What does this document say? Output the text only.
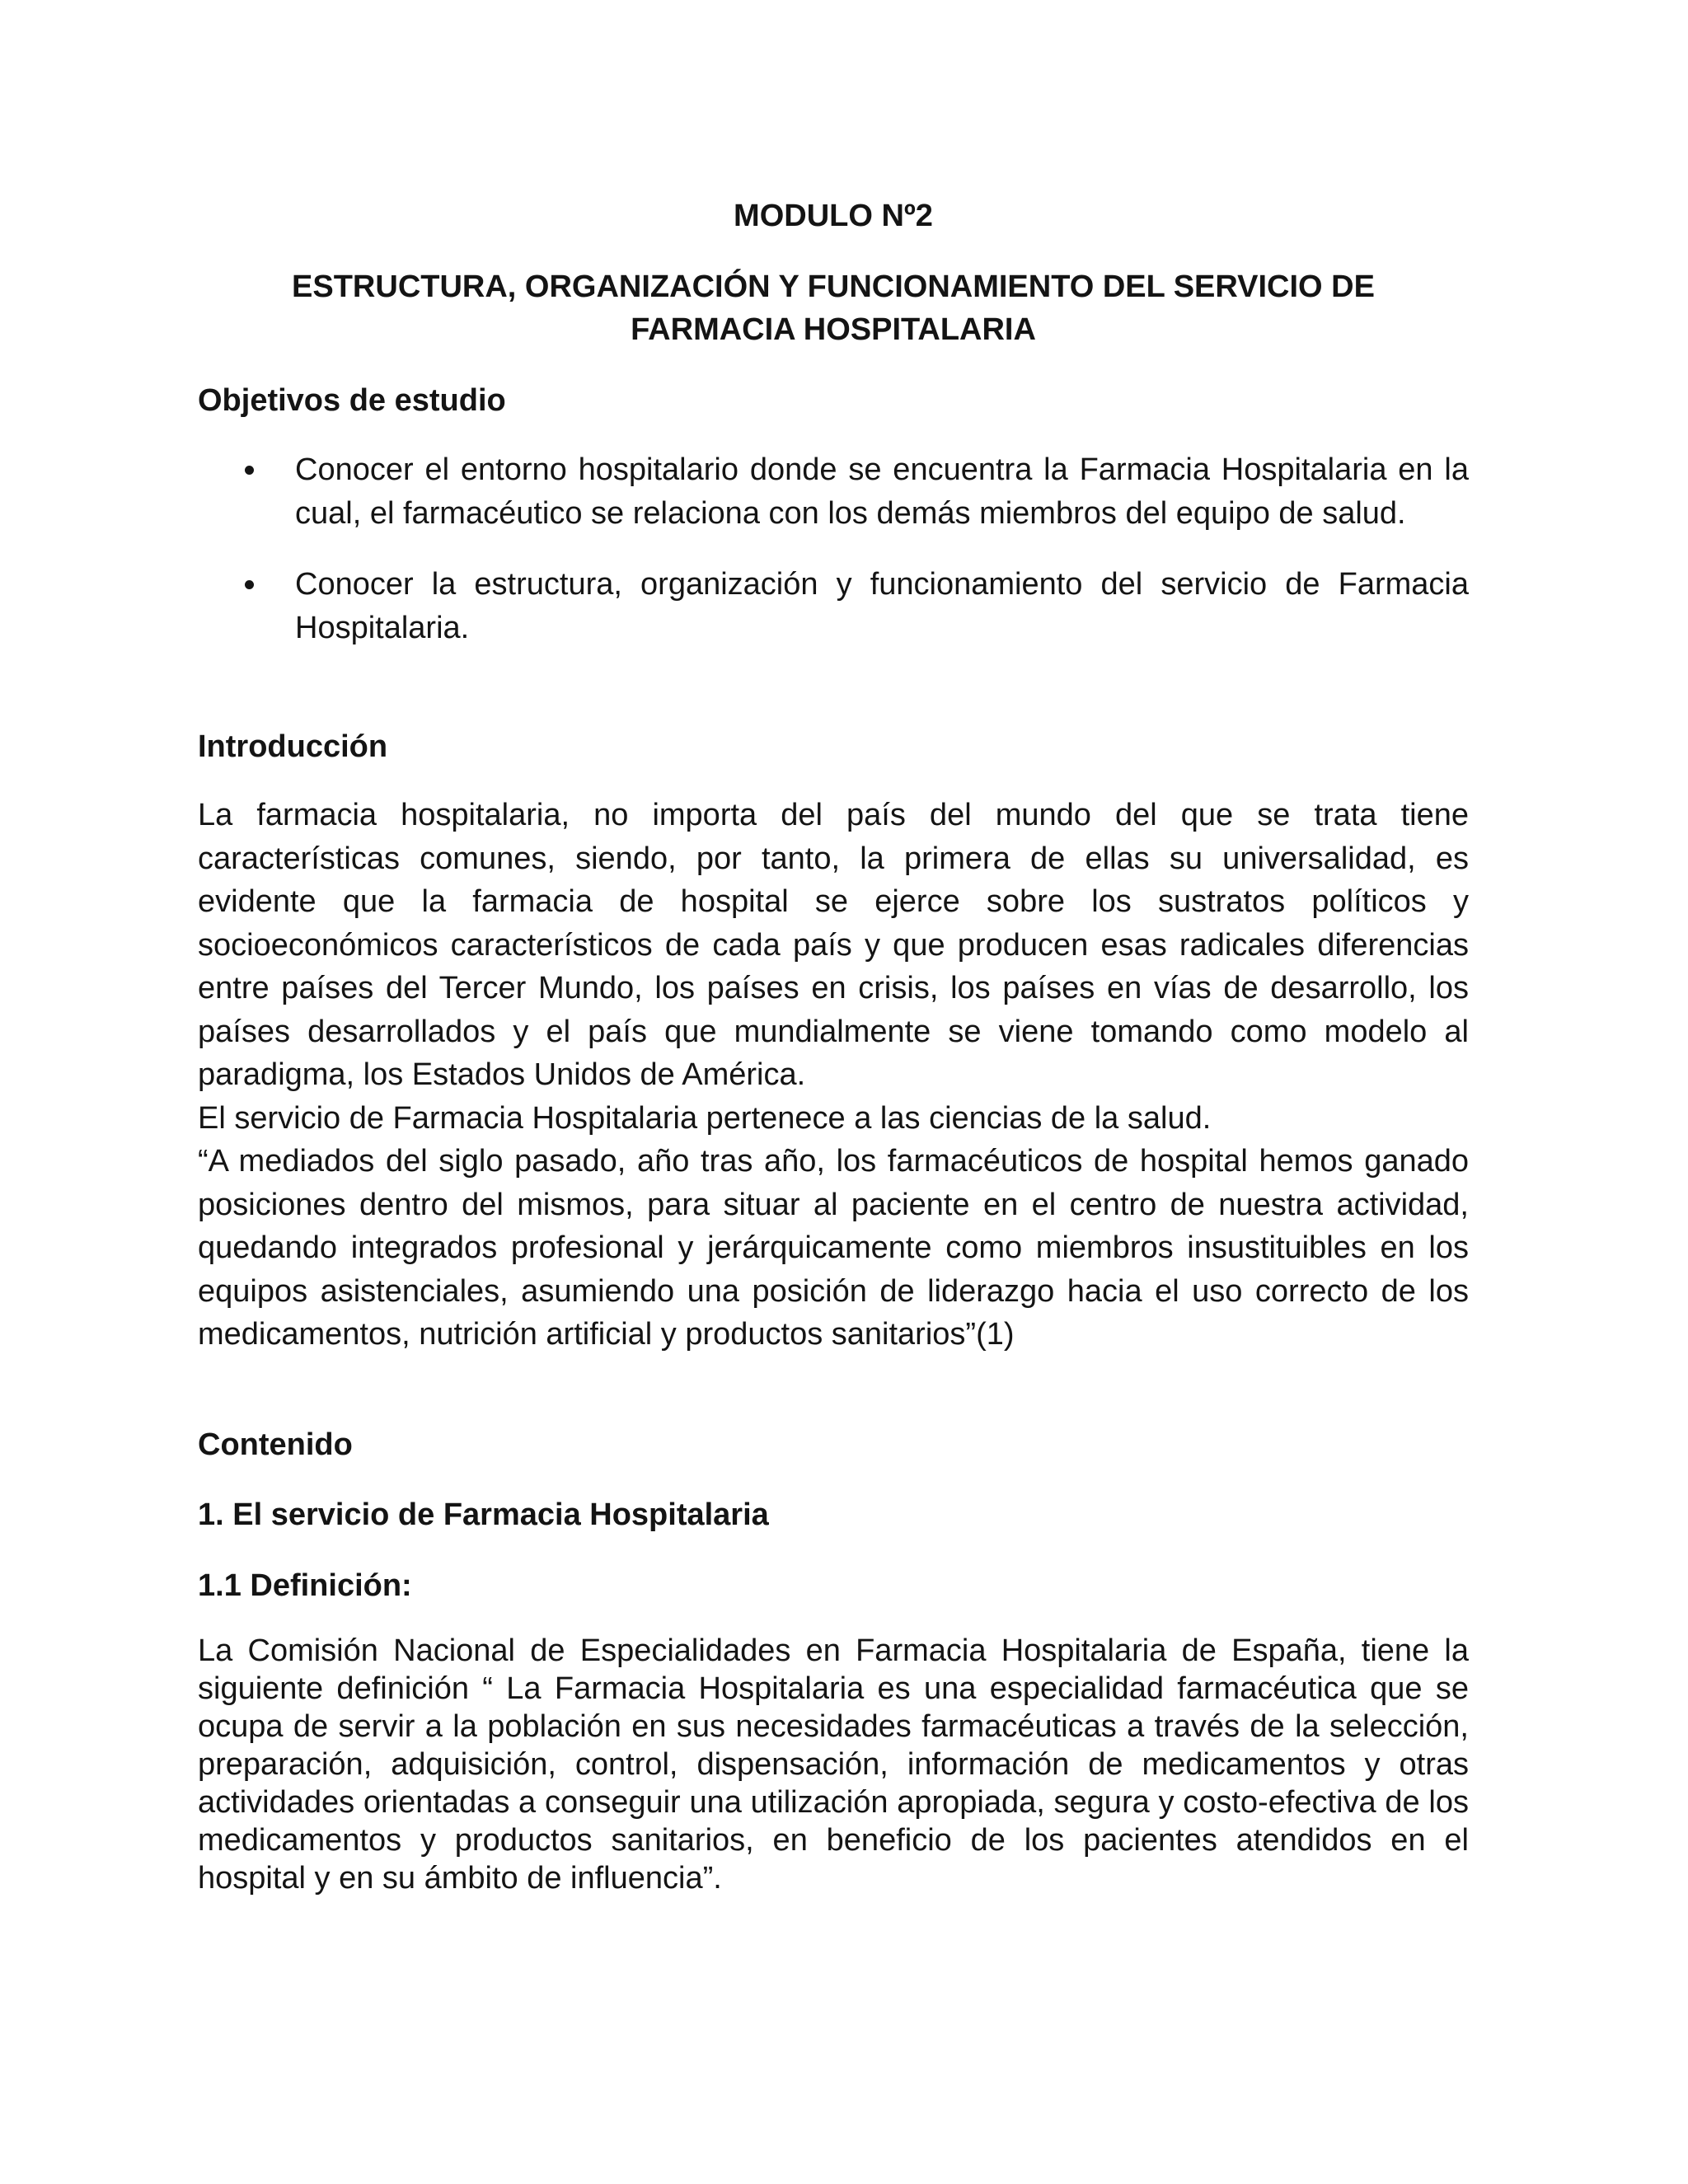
MODULO Nº2

ESTRUCTURA, ORGANIZACIÓN Y FUNCIONAMIENTO DEL SERVICIO DE
FARMACIA HOSPITALARIA

Objetivos de estudio

Conocer el entorno hospitalario donde se encuentra la Farmacia Hospitalaria en la cual, el farmacéutico se relaciona con los demás miembros del equipo de salud.
Conocer la estructura, organización y funcionamiento del servicio de Farmacia Hospitalaria.

Introducción

La farmacia hospitalaria, no importa del país del mundo del que se trata tiene características comunes, siendo, por tanto, la primera de ellas su universalidad, es evidente que la farmacia de hospital se ejerce sobre los sustratos políticos y socioeconómicos característicos de cada país y que producen esas radicales diferencias entre países del Tercer Mundo, los países en crisis, los países en vías de desarrollo, los países desarrollados y el país que mundialmente se viene tomando como modelo al paradigma, los Estados Unidos de América.

El servicio de Farmacia Hospitalaria pertenece a las ciencias de la salud.

“A mediados del siglo pasado, año tras año, los farmacéuticos de hospital hemos ganado posiciones dentro del mismos, para situar al paciente en el centro de nuestra actividad, quedando integrados profesional y jerárquicamente como miembros insustituibles en los equipos asistenciales, asumiendo una posición de liderazgo hacia el uso correcto de los medicamentos, nutrición artificial y productos sanitarios”(1)

Contenido

1. El servicio de Farmacia Hospitalaria

1.1 Definición:

La Comisión Nacional de Especialidades en Farmacia Hospitalaria de España, tiene la siguiente definición “ La Farmacia Hospitalaria es una especialidad farmacéutica que se ocupa de servir a la población en sus necesidades farmacéuticas a través de la selección, preparación, adquisición, control, dispensación, información de medicamentos y otras actividades orientadas a conseguir una utilización apropiada, segura y costo-efectiva de los medicamentos y productos sanitarios, en beneficio de los pacientes atendidos en el hospital y en su ámbito de influencia”.
